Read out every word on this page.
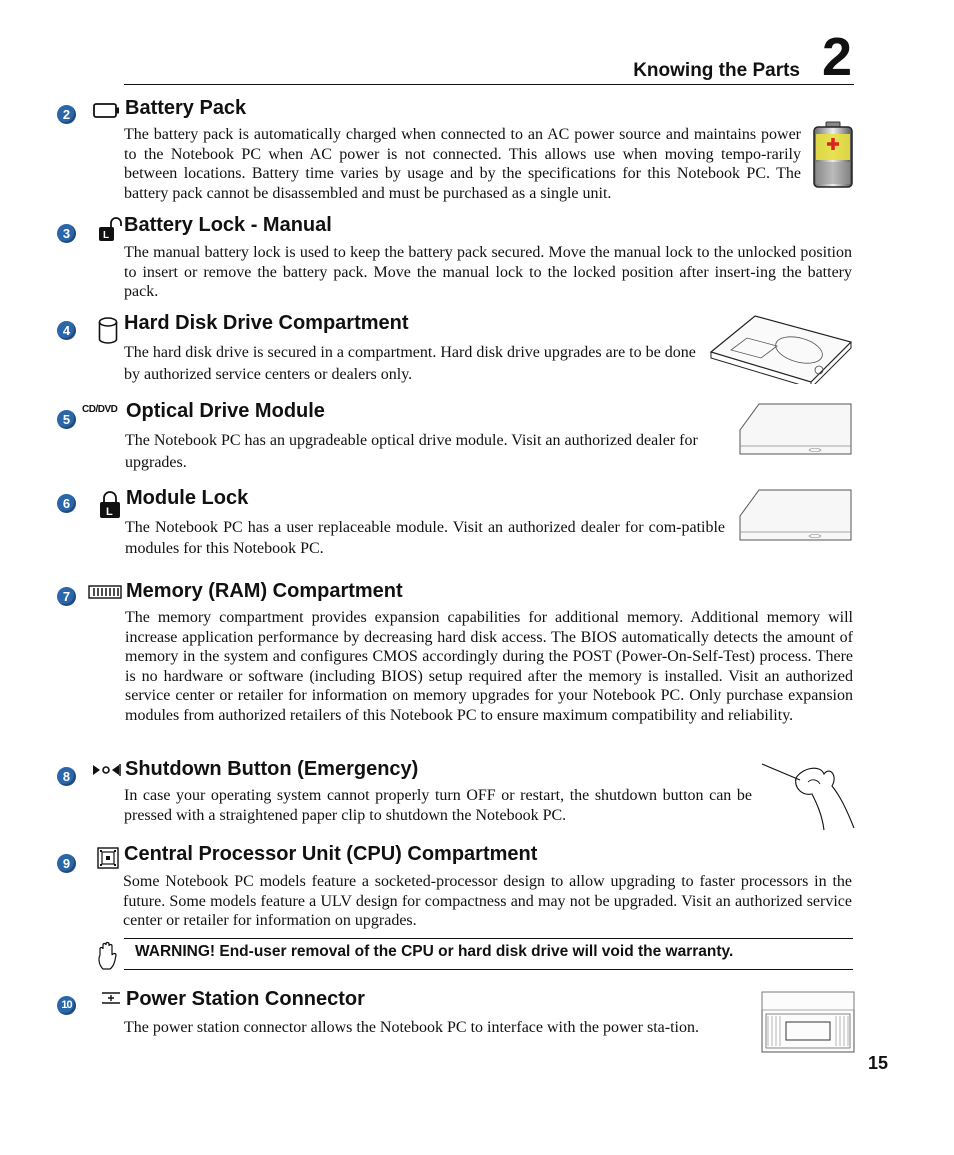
Knowing the Parts 2
2	Battery Pack
The battery pack is automatically charged when connected to an AC power source and maintains power to the Notebook PC when AC power is not connected. This allows use when moving tempo-rarily between locations. Battery time varies by usage and by the specifications for this Notebook PC. The battery pack cannot be disassembled and must be purchased as a single unit.
3	L Battery Lock - Manual
The manual battery lock is used to keep the battery pack secured. Move the manual lock to the unlocked position to insert or remove the battery pack. Move the manual lock to the locked position after insert-ing the battery pack.
4	Hard Disk Drive Compartment
The hard disk drive is secured in a compartment. Hard disk drive upgrades are to be done by authorized service centers or dealers only.
5
CD/DVD Optical Drive Module
The Notebook PC has an upgradeable optical drive module. Visit an authorized dealer for upgrades.
6
L
Module Lock
The Notebook PC has a user replaceable module. Visit an authorized dealer for com-patible modules for this Notebook PC.
7	Memory (RAM) Compartment
The memory compartment provides expansion capabilities for additional memory. Additional memory will increase application performance by decreasing hard disk access. The BIOS automatically detects the amount of memory in the system and configures CMOS accordingly during the POST (Power-On-Self-Test) process. There is no hardware or software (including BIOS) setup required after the memory is installed. Visit an authorized service center or retailer for information on memory upgrades for your Notebook PC. Only purchase expansion modules from authorized retailers of this Notebook PC to ensure maximum compatibility and reliability.
8	Shutdown Button (Emergency)
In case your operating system cannot properly turn OFF or restart, the shutdown button can be pressed with a straightened paper clip to shutdown the Notebook PC.
9	Central Processor Unit (CPU) Compartment
Some Notebook PC models feature a socketed-processor design to allow upgrading to faster processors in the future. Some models feature a ULV design for compactness and may not be upgraded. Visit an authorized service center or retailer for information on upgrades.
WARNING! End-user removal of the CPU or hard disk drive will void the warranty.
10	Power Station Connector
The power station connector allows the Notebook PC to interface with the power sta-tion.
15
